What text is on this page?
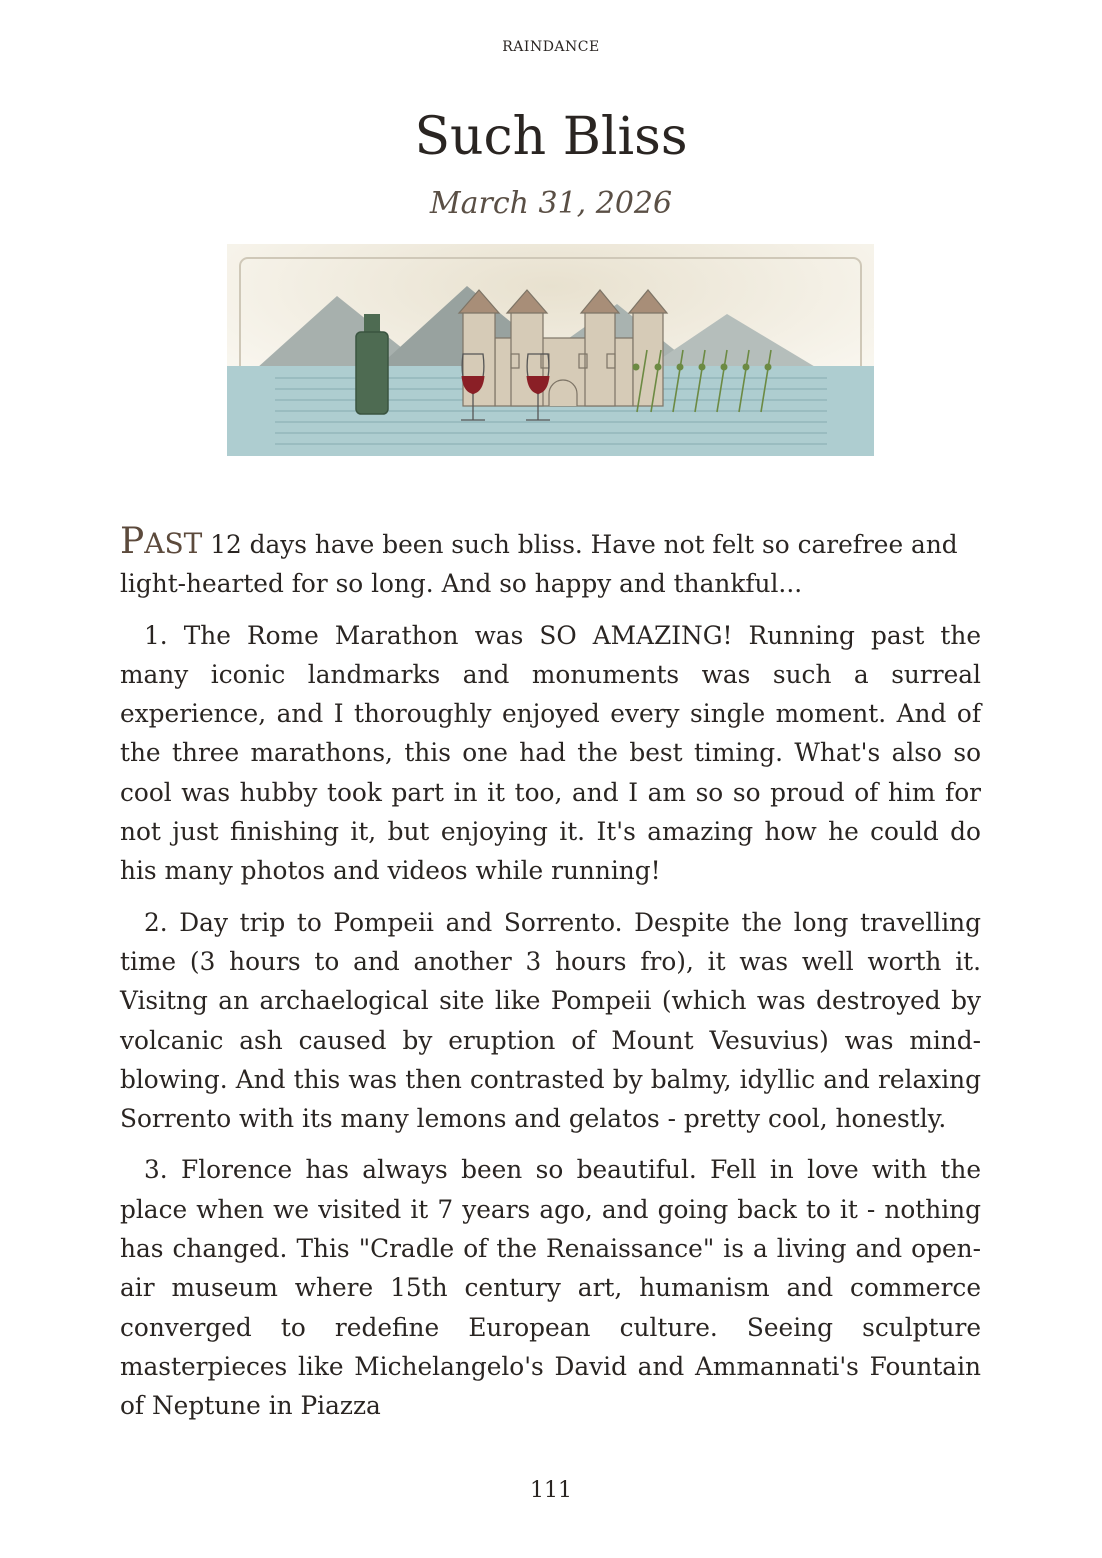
RAINDANCE
Such Bliss
March 31, 2026

PAST 12 days have been such bliss. Have not felt so carefree and light-hearted for so long. And so happy and thankful...

1. The Rome Marathon was SO AMAZING! Running past the many iconic landmarks and monuments was such a surreal experience, and I thoroughly enjoyed every single moment. And of the three marathons, this one had the best timing. What's also so cool was hubby took part in it too, and I am so so proud of him for not just finishing it, but enjoying it. It's amazing how he could do his many photos and videos while running!

2. Day trip to Pompeii and Sorrento. Despite the long travelling time (3 hours to and another 3 hours fro), it was well worth it. Visitng an archaelogical site like Pompeii (which was destroyed by volcanic ash caused by eruption of Mount Vesuvius) was mind-blowing. And this was then contrasted by balmy, idyllic and relaxing Sorrento with its many lemons and gelatos - pretty cool, honestly.

3. Florence has always been so beautiful. Fell in love with the place when we visited it 7 years ago, and going back to it - nothing has changed. This "Cradle of the Renaissance" is a living and open-air museum where 15th century art, humanism and commerce converged to redefine European culture. Seeing sculpture masterpieces like Michelangelo's David and Ammannati's Fountain of Neptune in Piazza

111
